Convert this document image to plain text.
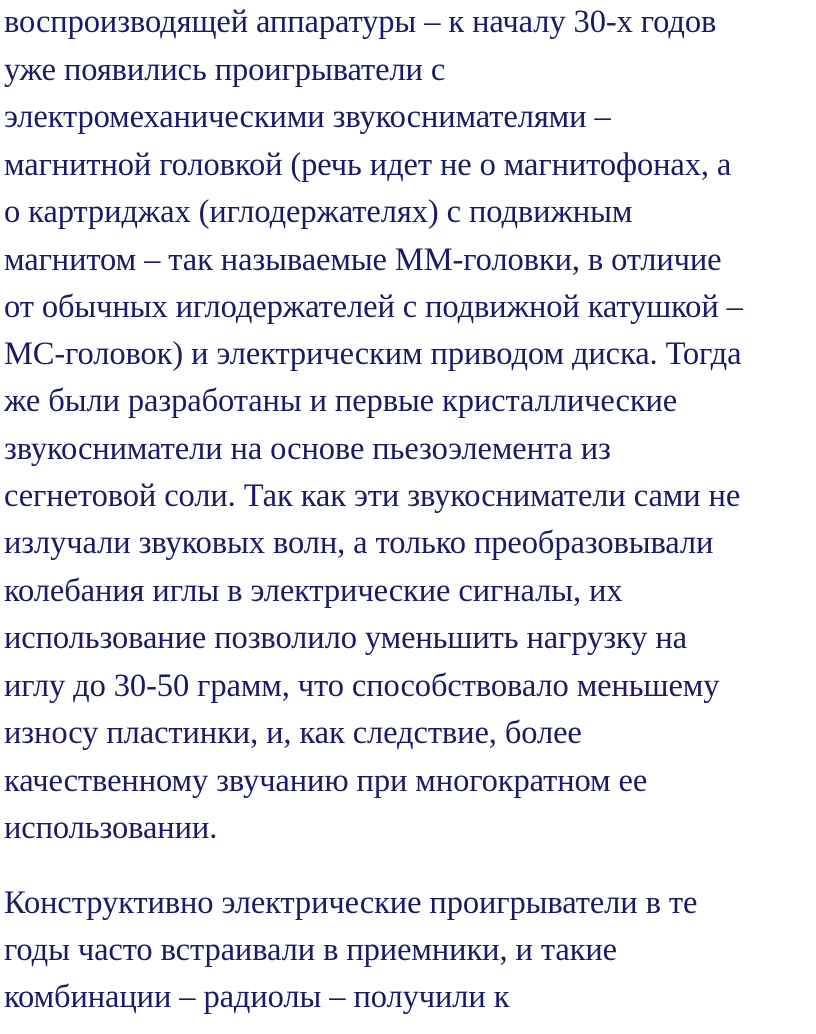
воспроизводящей аппаратуры – к началу 30-х годов
уже появились проигрыватели с
электромеханическими звукоснимателями –
магнитной головкой (речь идет не о магнитофонах, а
о картриджах (иглодержателях) с подвижным
магнитом – так называемые ММ-головки, в отличие
от обычных иглодержателей с подвижной катушкой –
МС-головок) и электрическим приводом диска. Тогда
же были разработаны и первые кристаллические
звукосниматели на основе пьезоэлемента из
сегнетовой соли. Так как эти звукосниматели сами не
излучали звуковых волн, а только преобразовывали
колебания иглы в электрические сигналы, их
использование позволило уменьшить нагрузку на
иглу до 30-50 грамм, что способствовало меньшему
износу пластинки, и, как следствие, более
качественному звучанию при многократном ее
использовании.
Конструктивно электрические проигрыватели в те
годы часто встраивали в приемники, и такие
комбинации – радиолы – получили к
